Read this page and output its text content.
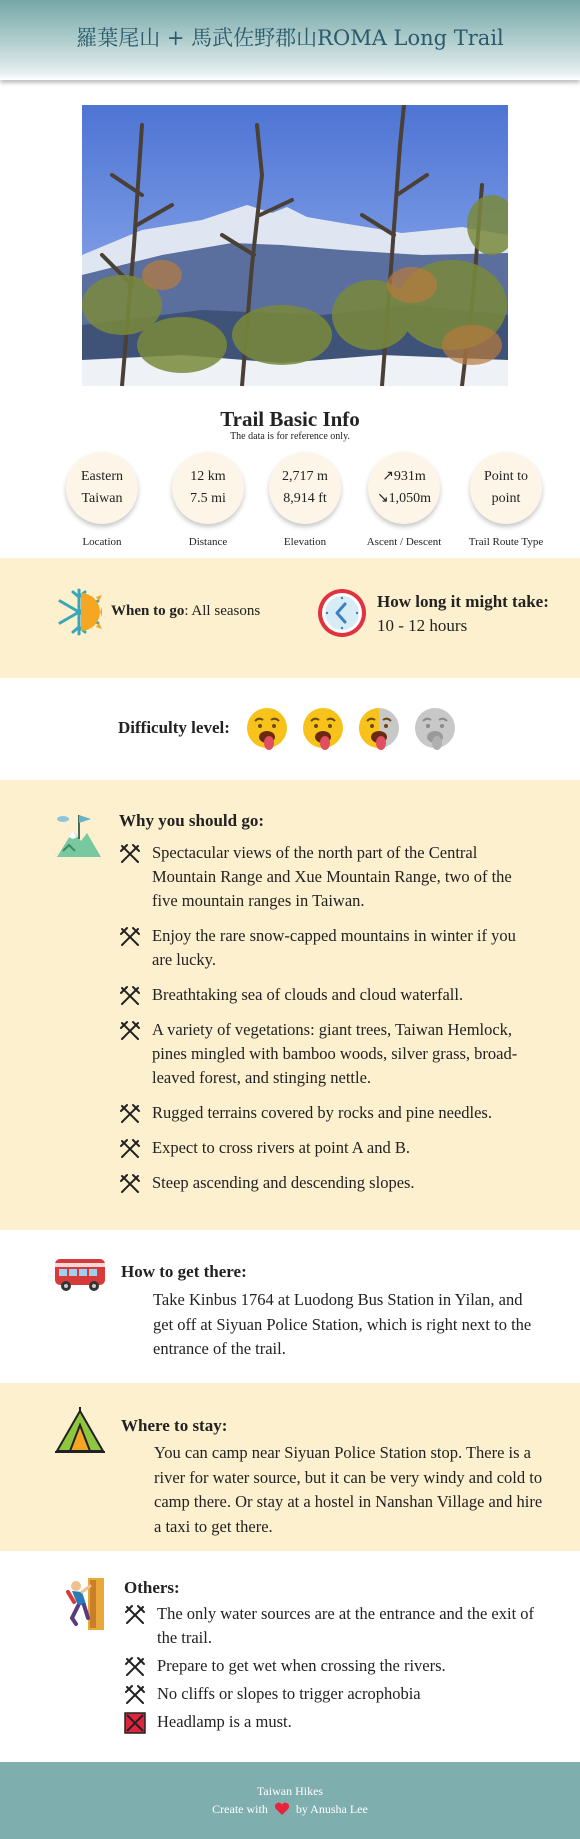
羅葉尾山 + 馬武佐野郡山ROMA Long Trail
Trail Basic Info
The data is for reference only.
Eastern
Taiwan
Location
12 km
7.5 mi
Distance
2,717 m
8,914 ft
Elevation
↗931m
↘1,050m
Ascent / Descent
Point to
point
Trail Route Type
When to go: All seasons	How long it might take:
10 - 12 hours
Difficulty level:
Why you should go:
Spectacular views of the north part of the Central Mountain Range and Xue Mountain Range, two of the five mountain ranges in Taiwan.
Enjoy the rare snow-capped mountains in winter if you are lucky.
Breathtaking sea of clouds and cloud waterfall.
A variety of vegetations: giant trees, Taiwan Hemlock, pines mingled with bamboo woods, silver grass, broad-leaved forest, and stinging nettle.
Rugged terrains covered by rocks and pine needles.
Expect to cross rivers at point A and B.
Steep ascending and descending slopes.
How to get there:
Take Kinbus 1764 at Luodong Bus Station in Yilan, and get off at Siyuan Police Station, which is right next to the entrance of the trail.
Where to stay:
You can camp near Siyuan Police Station stop. There is a river for water source, but it can be very windy and cold to camp there. Or stay at a hostel in Nanshan Village and hire a taxi to get there.
Others:
The only water sources are at the entrance and the exit of the trail.
Prepare to get wet when crossing the rivers.
No cliffs or slopes to trigger acrophobia
Headlamp is a must.
Taiwan Hikes
Create with by Anusha Lee
